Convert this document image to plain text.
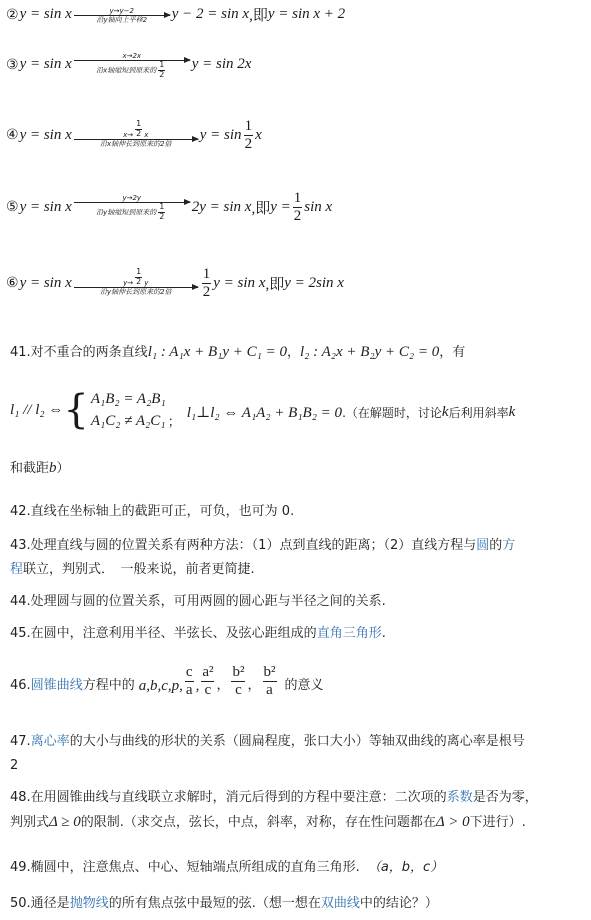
② y = sin x	y→y−2
沿y轴向上平移2 y − 2 = sin x ,即 y = sin x + 2
③ y = sin x
x→2x
沿x轴缩短到原来的 $\frac{1}{2}$ y = sin 2x
④ y = sin x	$x\to \frac{1}{2}$ x
沿x轴伸长到原来的2倍
$y = \sin \frac{1}{2}$ x
⑤ y = sin x
y→2y
沿y轴缩短到原来的 $\frac{1}{2} 2y = \sin x$ ,即 $y = \frac{1}{2}$ sin x
⑥ y = sin x	$y\to \frac{1}{2}$ y
沿y轴伸长到原来的2倍 $\frac{1}{2}$ y = sin x ,即 y = 2sin x
41.对不重合的两条直线l₁ : A₁x + B₁y + C₁ = 0，l₂ : A₂x + B₂y + C₂ = 0，有
l₁ // l₂ ⇔ { A₁B₂ = A₂B₁
A₁C₂ ≠ A₂C₁ ；
l₁⊥l₂ ⇔ A₁A₂ + B₁B₂ = 0 .（在解题时，讨论 k 后利用斜率 k
和截距b）
42.直线在坐标轴上的截距可正，可负，也可为 0.
43.处理直线与圆的位置关系有两种方法：（1）点到直线的距离；（2）直线方程与圆的方
程联立，判别式．　一般来说，前者更简捷.
44.处理圆与圆的位置关系，可用两圆的圆心距与半径之间的关系.
45.在圆中，注意利用半径、半弦长、及弦心距组成的直角三角形.
46. 圆锥曲线 方程中的 a,b,c,p, $\frac{c}{a}$ , $\frac{\text{a²}}{c}$ ， $\frac{\text{b²}}{c}$ ， $\frac{\text{b²}}{a}$ 的意义
47.离心率的大小与曲线的形状的关系（圆扁程度，张口大小）等轴双曲线的离心率是根号
2
48.在用圆锥曲线与直线联立求解时，消元后得到的方程中要注意：二次项的系数是否为零，
判别式Δ ≥ 0的限制.（求交点，弦长，中点，斜率，对称，存在性问题都在Δ > 0下进行）.
49.椭圆中，注意焦点、中心、短轴端点所组成的直角三角形. （a，b，c）
50.通径是抛物线的所有焦点弦中最短的弦.（想一想在双曲线中的结论？）
